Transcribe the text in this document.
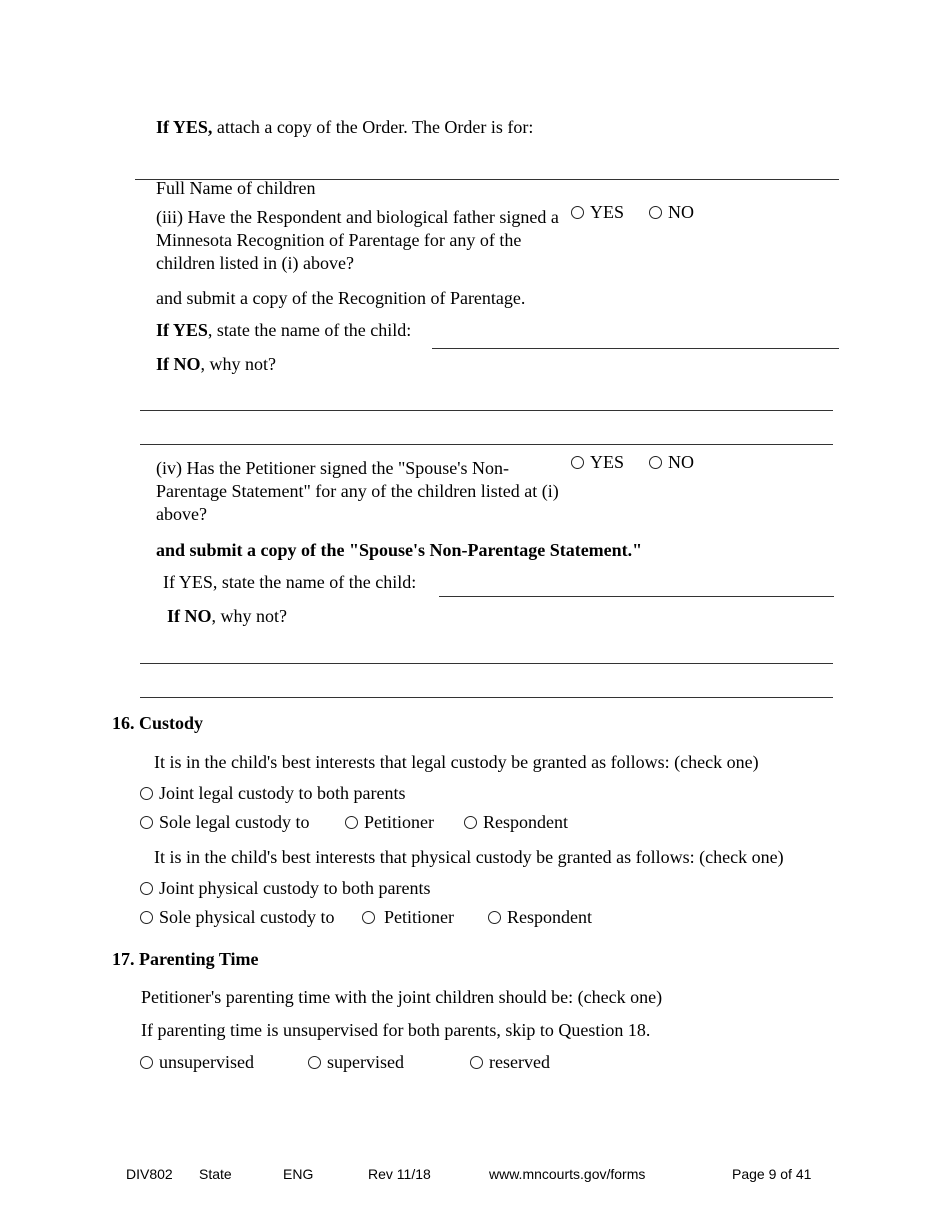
If YES, attach a copy of the Order. The Order is for:
Full Name of children
(iii) Have the Respondent and biological father signed a Minnesota Recognition of Parentage for any of the children listed in (i) above?
YES	NO
and submit a copy of the Recognition of Parentage.
If YES, state the name of the child:
If NO, why not?
(iv) Has the Petitioner signed the "Spouse's Non-Parentage Statement" for any of the children listed at (i) above?
YES	NO
and submit a copy of the "Spouse's Non-Parentage Statement."
If YES, state the name of the child:
If NO, why not?
16. Custody
It is in the child's best interests that legal custody be granted as follows: (check one)
Joint legal custody to both parents
Sole legal custody to	Petitioner	Respondent
It is in the child's best interests that physical custody be granted as follows: (check one)
Joint physical custody to both parents
Sole physical custody to	Petitioner	Respondent
17. Parenting Time
Petitioner's parenting time with the joint children should be: (check one)
If parenting time is unsupervised for both parents, skip to Question 18.
unsupervised	supervised	reserved
DIV802 State	ENG	Rev 11/18	www.mncourts.gov/forms	Page 9 of 41
